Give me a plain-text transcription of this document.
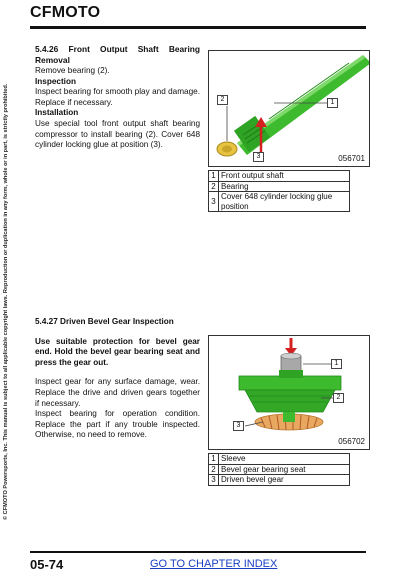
CFMOTO
© CFMOTO Powersports, Inc. This manual is subject to all applicable copyright laws. Reproduction or duplication in any form, whole or in part, is strictly prohibited.
5.4.26 Front Output Shaft Bearing Removal
Remove bearing (2).
Inspection
Inspect bearing for smooth play and damage. Replace if necessary.
Installation
Use special tool front output shaft bearing compressor to install bearing (2). Cover 648 cylinder locking glue at position (3).
2	1
3	056701
1	Front output shaft
2	Bearing
3	Cover 648 cylinder locking glue position
5.4.27 Driven Bevel Gear Inspection
Use suitable protection for bevel gear end. Hold the bevel gear bearing seat and press the gear out.
Inspect gear for any surface damage, wear. Replace the drive and driven gears together if necessary.
Inspect bearing for operation condition. Replace the part if any trouble inspected. Otherwise, no need to remove.
1
2
3
056702
1	Sleeve
2	Bevel gear bearing seat
3	Driven bevel gear
05-74	GO TO CHAPTER INDEX
